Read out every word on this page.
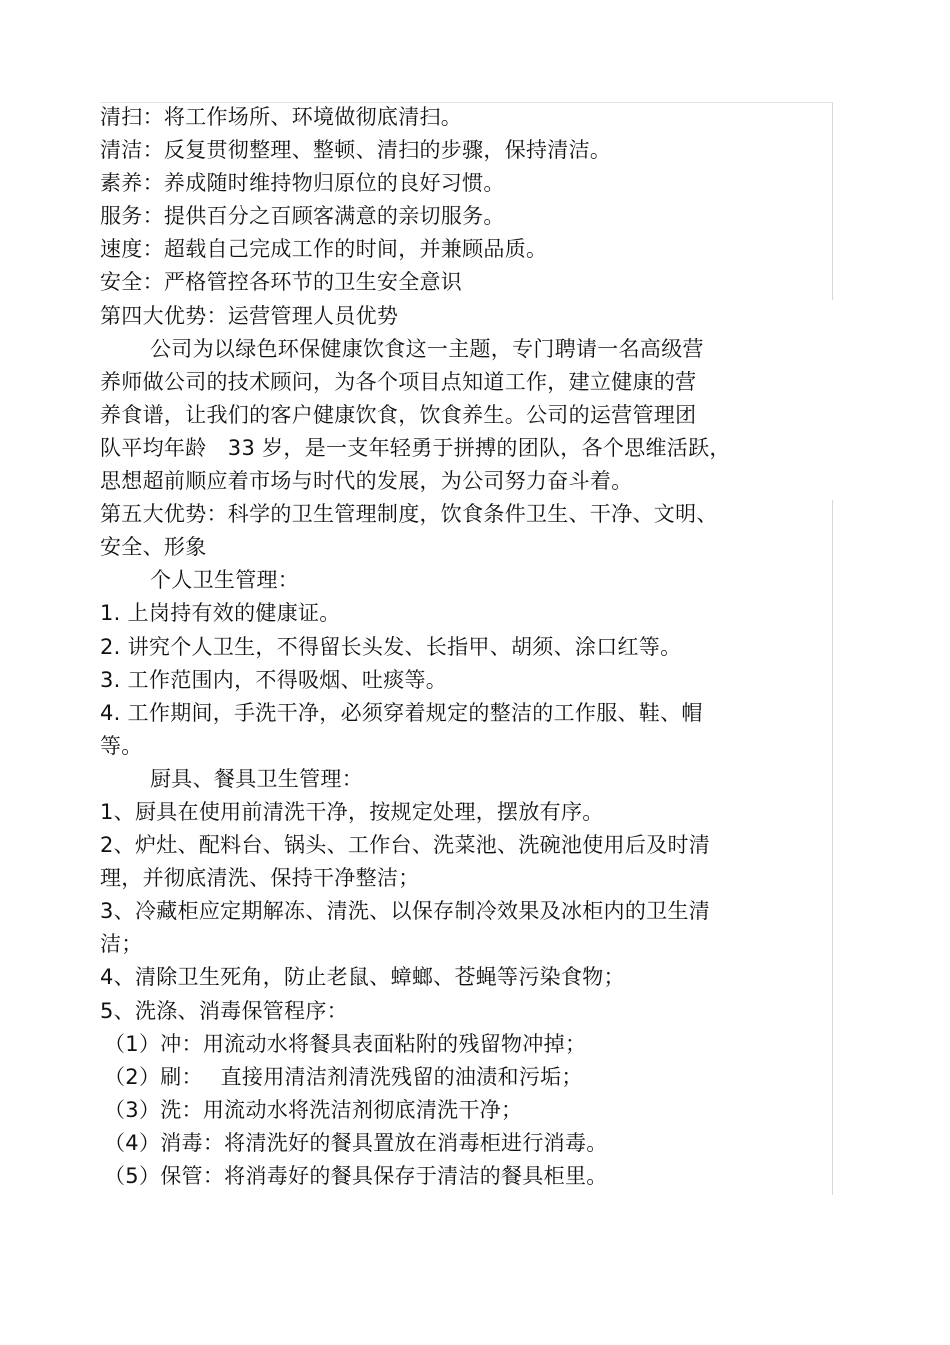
清扫：将工作场所、环境做彻底清扫。
清洁：反复贯彻整理、整顿、清扫的步骤，保持清洁。
素养：养成随时维持物归原位的良好习惯。
服务：提供百分之百顾客满意的亲切服务。
速度：超载自己完成工作的时间，并兼顾品质。
安全：严格管控各环节的卫生安全意识
第四大优势：运营管理人员优势
公司为以绿色环保健康饮食这一主题，专门聘请一名高级营
养师做公司的技术顾问，为各个项目点知道工作，建立健康的营
养食谱，让我们的客户健康饮食，饮食养生。公司的运营管理团
队平均年龄　33 岁，是一支年轻勇于拼搏的团队，各个思维活跃，
思想超前顺应着市场与时代的发展，为公司努力奋斗着。
第五大优势：科学的卫生管理制度，饮食条件卫生、干净、文明、
安全、形象
个人卫生管理：
1. 上岗持有效的健康证。
2. 讲究个人卫生，不得留长头发、长指甲、胡须、涂口红等。
3. 工作范围内，不得吸烟、吐痰等。
4. 工作期间，手洗干净，必须穿着规定的整洁的工作服、鞋、帽
等。
厨具、餐具卫生管理：
1、厨具在使用前清洗干净，按规定处理，摆放有序。
2、炉灶、配料台、锅头、工作台、洗菜池、洗碗池使用后及时清
理，并彻底清洗、保持干净整洁；
3、冷藏柜应定期解冻、清洗、以保存制冷效果及冰柜内的卫生清
洁；
4、清除卫生死角，防止老鼠、蟑螂、苍蝇等污染食物；
5、洗涤、消毒保管程序：
（1）冲：用流动水将餐具表面粘附的残留物冲掉；
（2）刷：　 直接用清洁剂清洗残留的油渍和污垢；
（3）洗：用流动水将洗洁剂彻底清洗干净；
（4）消毒：将清洗好的餐具置放在消毒柜进行消毒。
（5）保管：将消毒好的餐具保存于清洁的餐具柜里。
